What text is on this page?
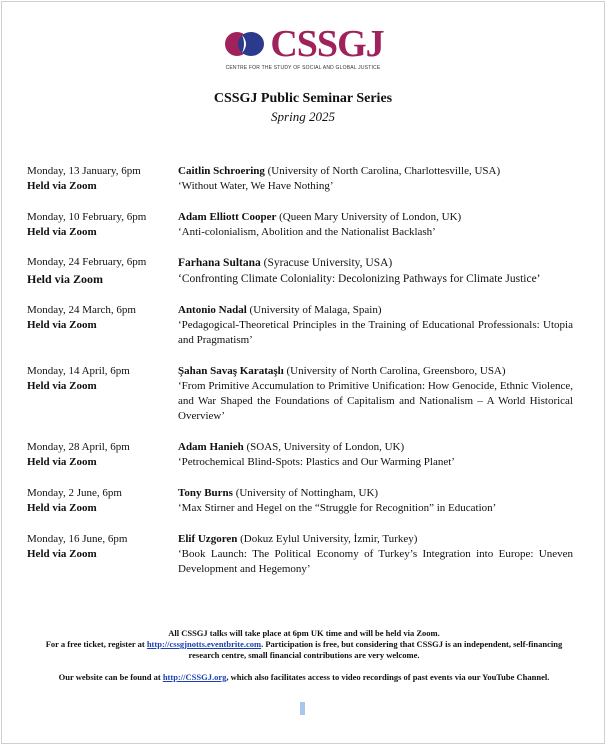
CSSGJ
CENTRE FOR THE STUDY OF SOCIAL AND GLOBAL JUSTICE
CSSGJ Public Seminar Series
Spring 2025
Monday, 13 January, 6pm
Held via Zoom
Caitlin Schroering (University of North Carolina, Charlottesville, USA)
‘Without Water, We Have Nothing’
Monday, 10 February, 6pm
Held via Zoom
Adam Elliott Cooper (Queen Mary University of London, UK)
‘Anti-colonialism, Abolition and the Nationalist Backlash’
Monday, 24 February, 6pm
Held via Zoom
Farhana Sultana (Syracuse University, USA)
‘Confronting Climate Coloniality: Decolonizing Pathways for Climate Justice’
Monday, 24 March, 6pm
Held via Zoom
Antonio Nadal (University of Malaga, Spain)
‘Pedagogical-Theoretical Principles in the Training of Educational Professionals: Utopia and Pragmatism’
Monday, 14 April, 6pm
Held via Zoom
Şahan Savaş Karataşlı (University of North Carolina, Greensboro, USA)
‘From Primitive Accumulation to Primitive Unification: How Genocide, Ethnic Violence, and War Shaped the Foundations of Capitalism and Nationalism – A World Historical Overview’
Monday, 28 April, 6pm
Held via Zoom
Adam Hanieh (SOAS, University of London, UK)
‘Petrochemical Blind-Spots: Plastics and Our Warming Planet’
Monday, 2 June, 6pm
Held via Zoom
Tony Burns (University of Nottingham, UK)
‘Max Stirner and Hegel on the “Struggle for Recognition” in Education’
Monday, 16 June, 6pm
Held via Zoom
Elif Uzgoren (Dokuz Eylul University, İzmir, Turkey)
‘Book Launch: The Political Economy of Turkey’s Integration into Europe: Uneven Development and Hegemony’
All CSSGJ talks will take place at 6pm UK time and will be held via Zoom.
For a free ticket, register at http://cssgjnotts.eventbrite.com. Participation is free, but considering that CSSGJ is an independent, self-financing research centre, small financial contributions are very welcome.
Our website can be found at http://CSSGJ.org, which also facilitates access to video recordings of past events via our YouTube Channel.
